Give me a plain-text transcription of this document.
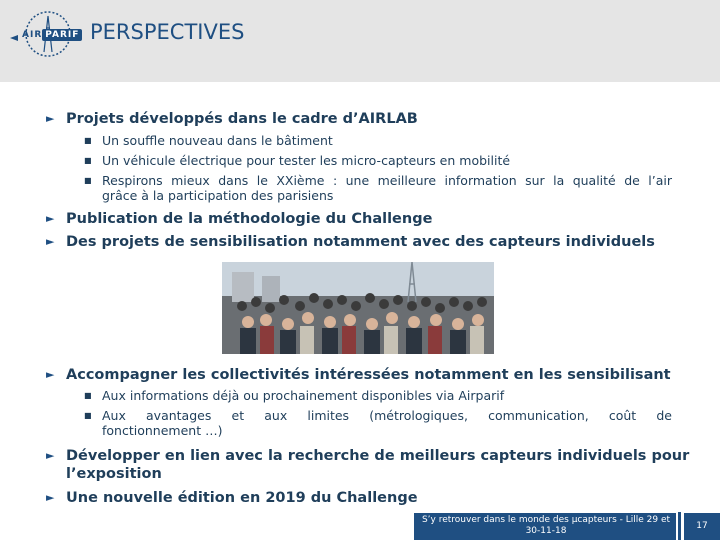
AIR PARIF PERSPECTIVES
► Projets développés dans le cadre d’AIRLAB
■ Un souffle nouveau dans le bâtiment
■ Un véhicule électrique pour tester les micro-capteurs en mobilité
■ Respirons mieux dans le XXième : une meilleure information sur la qualité de l’air
grâce à la participation des parisiens
► Publication de la méthodologie du Challenge
► Des projets de sensibilisation notamment avec des capteurs individuels
► Accompagner les collectivités intéressées notamment en les sensibilisant
■ Aux informations déjà ou prochainement disponibles via Airparif
■ Aux avantages et aux limites (métrologiques, communication, coût de
fonctionnement …)
► Développer en lien avec la recherche de meilleurs capteurs individuels pour
l’exposition
► Une nouvelle édition en 2019 du Challenge
S’y retrouver dans le monde des µcapteurs - Lille 29 et
30-11-18	17
